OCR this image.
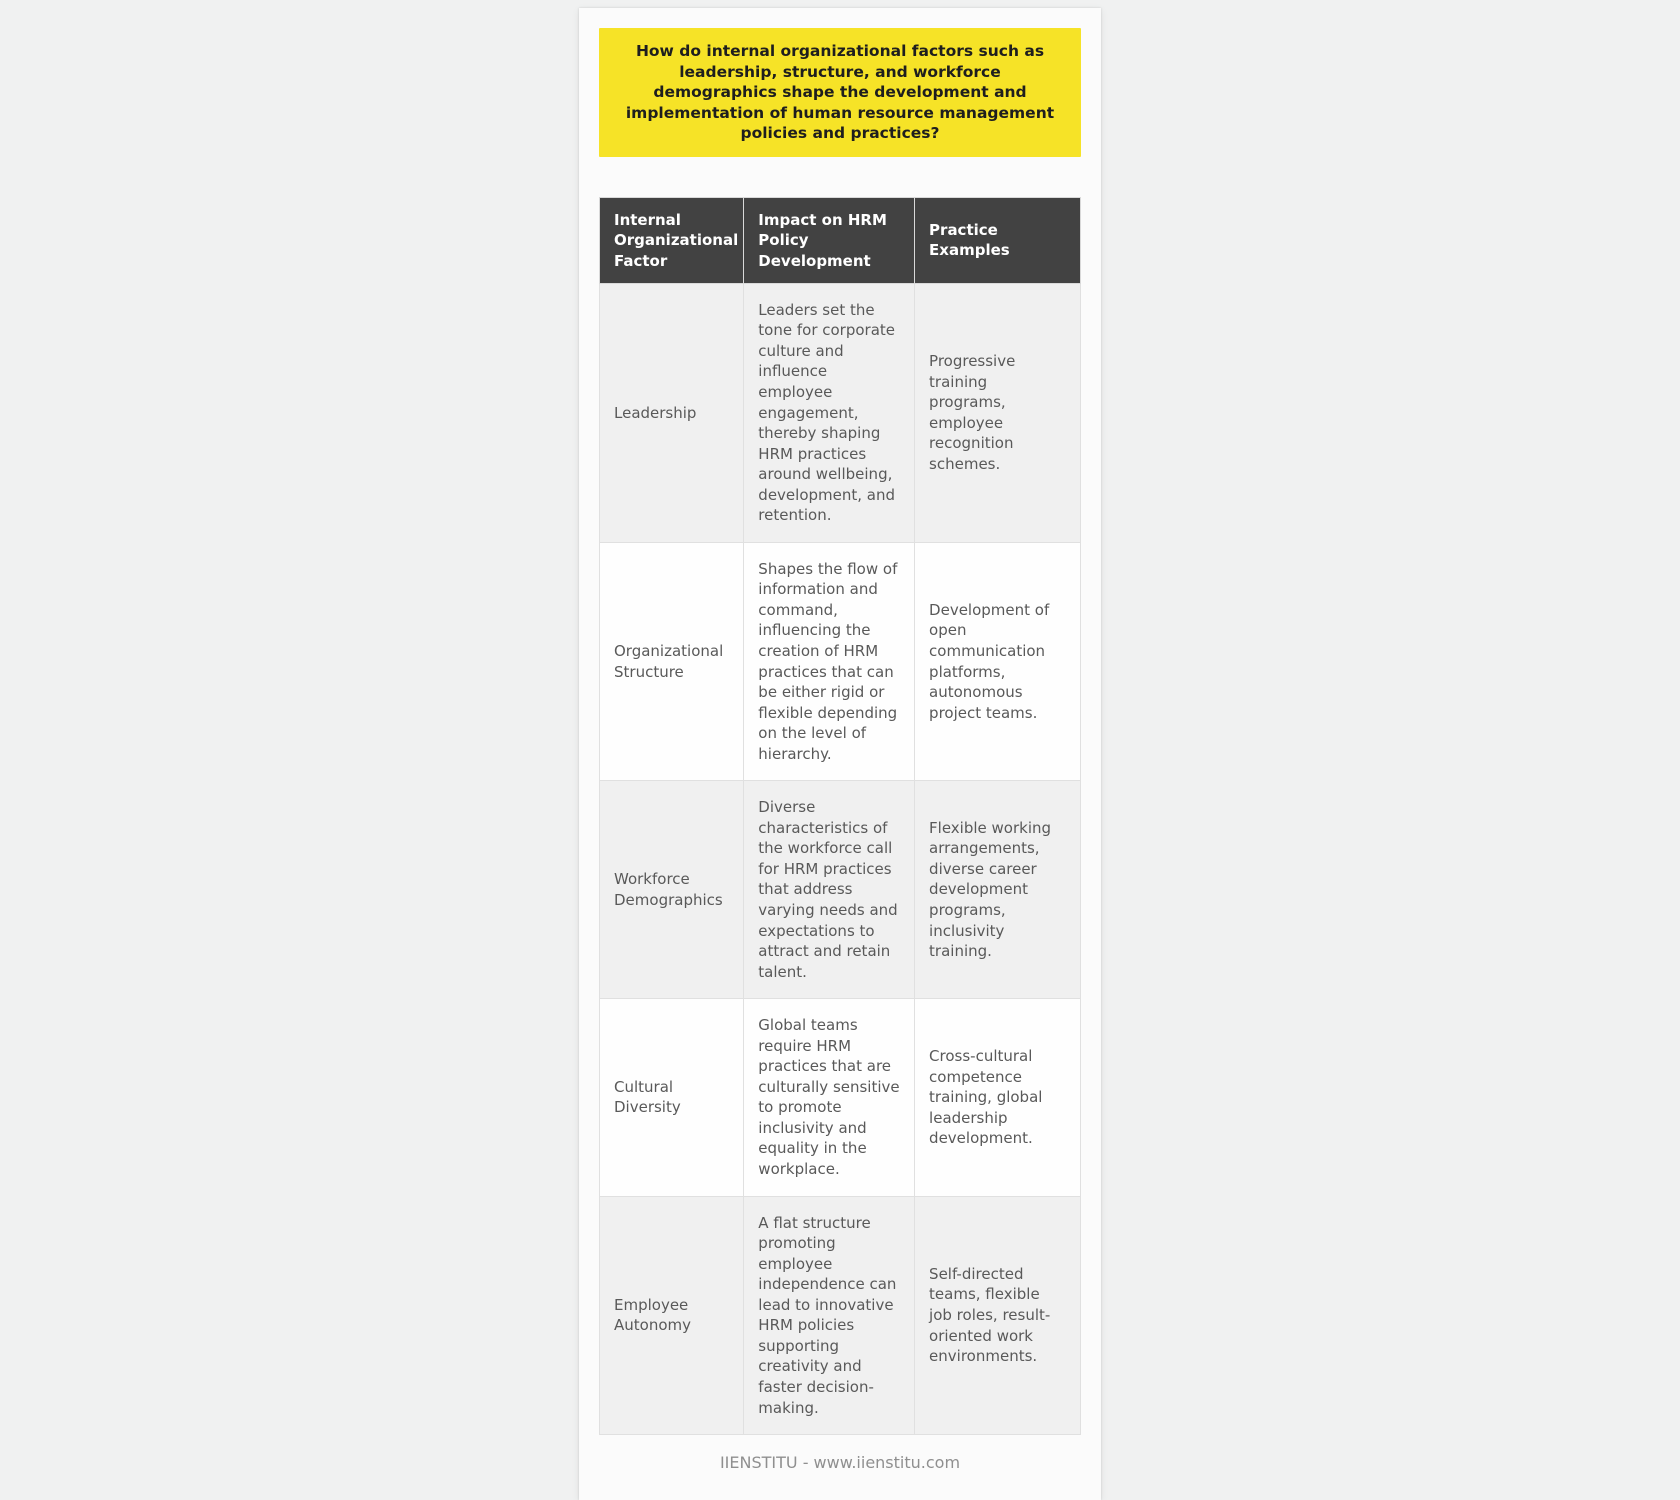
How do internal organizational factors such as leadership, structure, and workforce demographics shape the development and implementation of human resource management policies and practices?
Internal Organizational Factor	Impact on HRM Policy Development	Practice Examples
Leadership	Leaders set the tone for corporate culture and influence employee engagement, thereby shaping HRM practices around wellbeing, development, and retention.	Progressive training programs, employee recognition schemes.
Organizational Structure	Shapes the flow of information and command, influencing the creation of HRM practices that can be either rigid or flexible depending on the level of hierarchy.	Development of open communication platforms, autonomous project teams.
Workforce Demographics	Diverse characteristics of the workforce call for HRM practices that address varying needs and expectations to attract and retain talent.	Flexible working arrangements, diverse career development programs, inclusivity training.
Cultural Diversity	Global teams require HRM practices that are culturally sensitive to promote inclusivity and equality in the workplace.	Cross-cultural competence training, global leadership development.
Employee Autonomy	A flat structure promoting employee independence can lead to innovative HRM policies supporting creativity and faster decision-making.	Self-directed teams, flexible job roles, result-oriented work environments.
IIENSTITU - www.iienstitu.com
